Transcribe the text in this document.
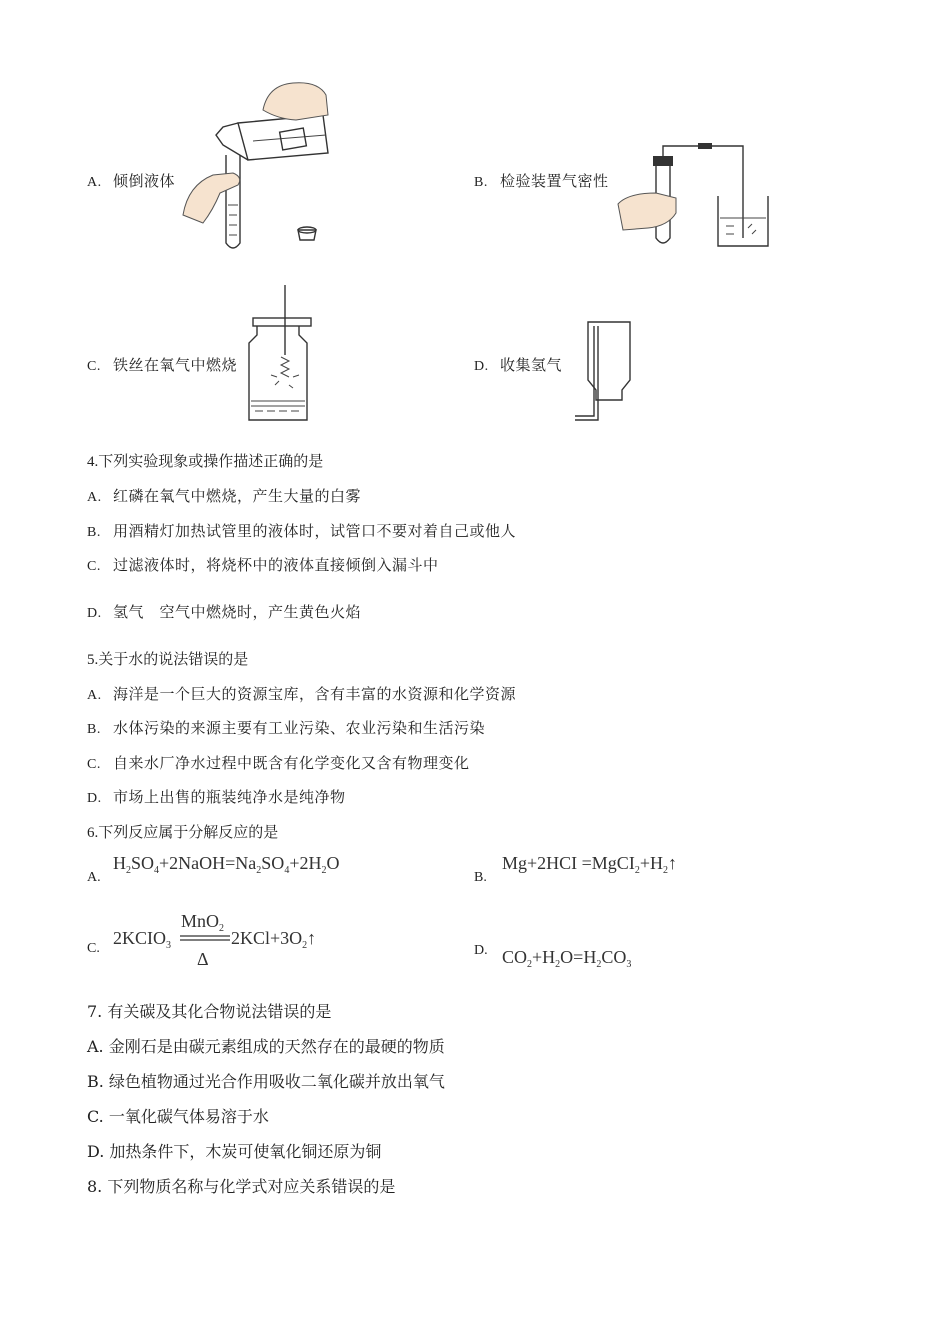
A. 倾倒液体	B. 检验装置气密性
C. 铁丝在氧气中燃烧	D. 收集氢气
4.下列实验现象或操作描述正确的是
A. 红磷在氧气中燃烧，产生大量的白雾
B. 用酒精灯加热试管里的液体时，试管口不要对着自己或他人
C. 过滤液体时，将烧杯中的液体直接倾倒入漏斗中
D. 氢气　空气中燃烧时，产生黄色火焰
5.关于水的说法错误的是
A. 海洋是一个巨大的资源宝库，含有丰富的水资源和化学资源
B. 水体污染的来源主要有工业污染、农业污染和生活污染
C. 自来水厂净水过程中既含有化学变化又含有物理变化
D. 市场上出售的瓶装纯净水是纯净物
6.下列反应属于分解反应的是
A.
$H_2SO_4+2NaOH=Na_2SO_4+2H_2O$
B.
$Mg+2HCI =MgCI_2+H_2↑$
C.
$2KCIO_3$
MnO$_2$
Δ
$2KCl+3O_2↑$
D. $CO_2+H_2O=H_2CO_3$
7. 有关碳及其化合物说法错误的是
A. 金刚石是由碳元素组成的天然存在的最硬的物质
B. 绿色植物通过光合作用吸收二氧化碳并放出氧气
C. 一氧化碳气体易溶于水
D. 加热条件下，木炭可使氧化铜还原为铜
8. 下列物质名称与化学式对应关系错误的是
